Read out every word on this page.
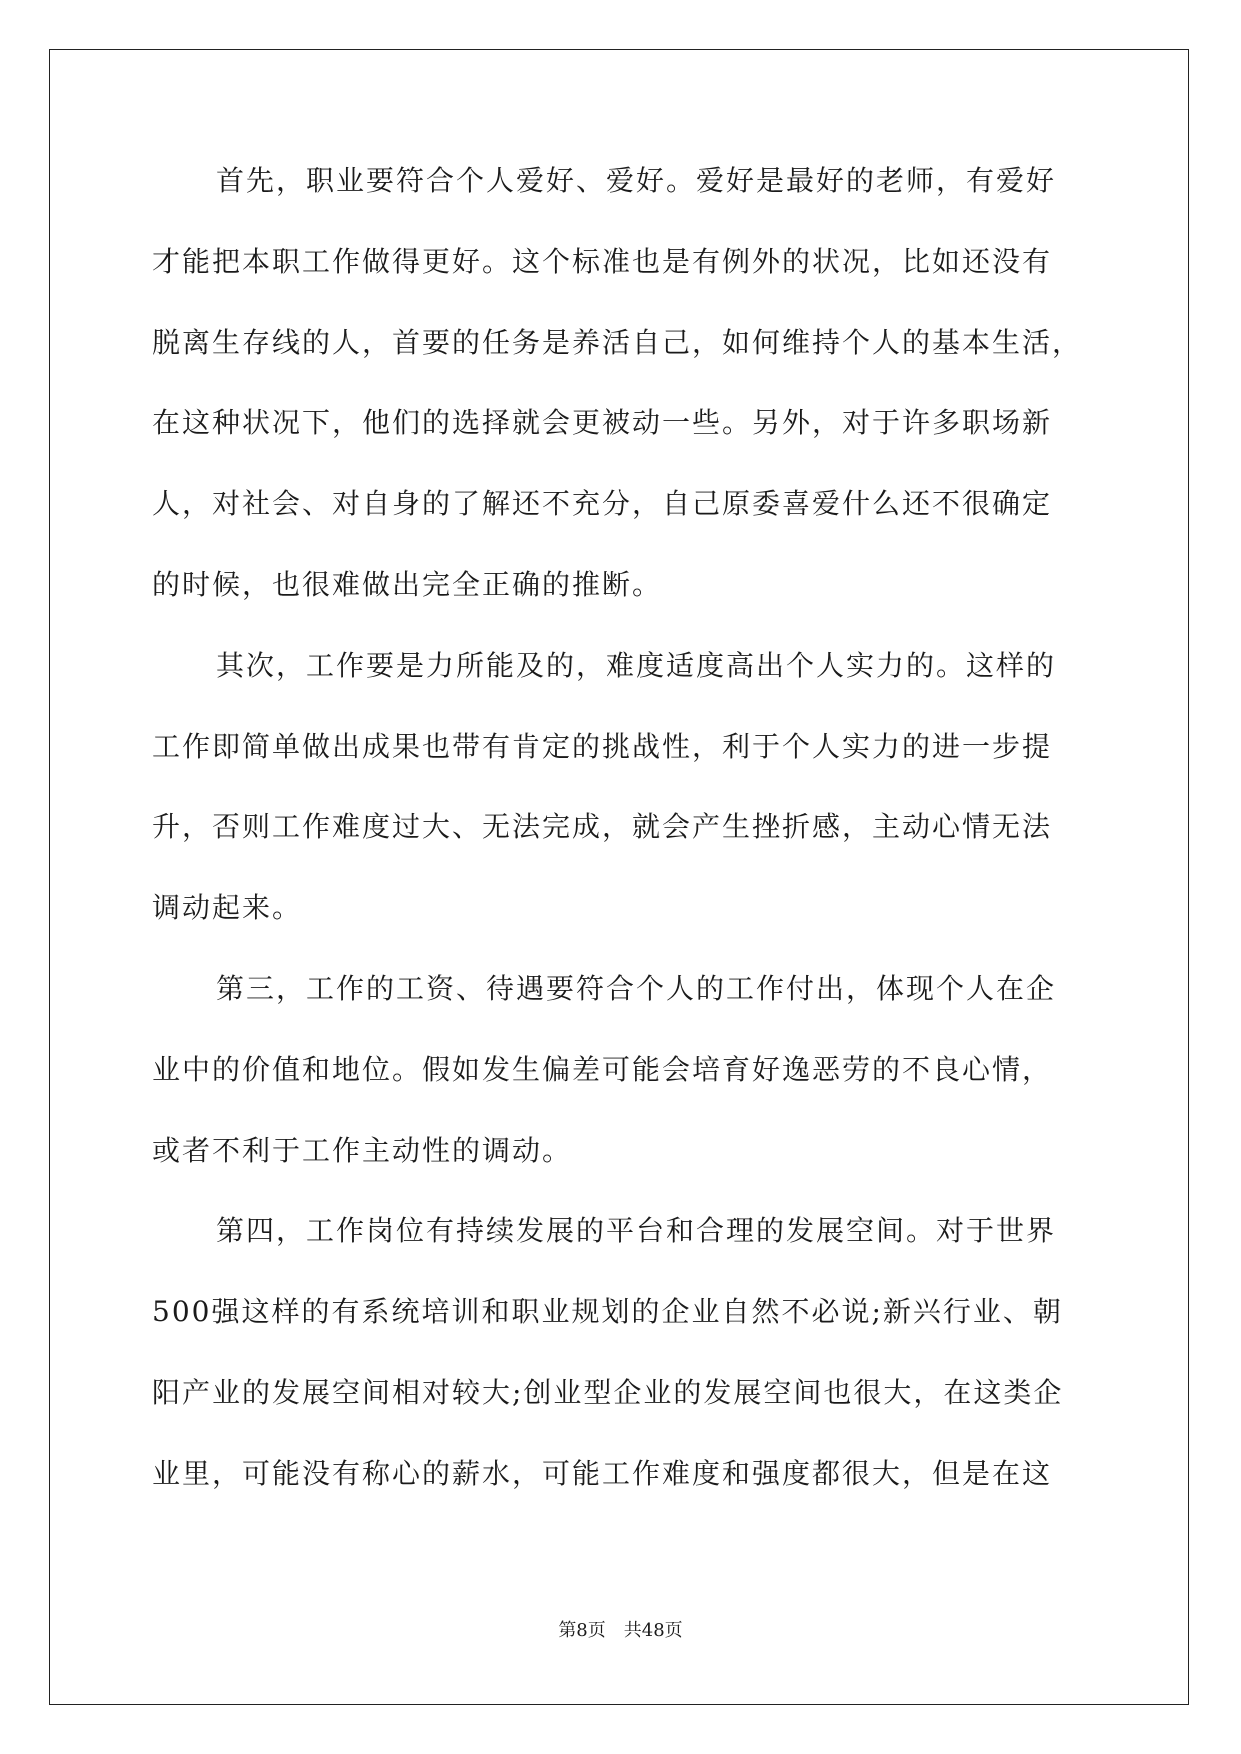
首先，职业要符合个人爱好、爱好。爱好是最好的老师，有爱好
才能把本职工作做得更好。这个标准也是有例外的状况，比如还没有
脱离生存线的人，首要的任务是养活自己，如何维持个人的基本生活，
在这种状况下，他们的选择就会更被动一些。另外，对于许多职场新
人，对社会、对自身的了解还不充分，自己原委喜爱什么还不很确定
的时候，也很难做出完全正确的推断。
其次，工作要是力所能及的，难度适度高出个人实力的。这样的
工作即简单做出成果也带有肯定的挑战性，利于个人实力的进一步提
升，否则工作难度过大、无法完成，就会产生挫折感，主动心情无法
调动起来。
第三，工作的工资、待遇要符合个人的工作付出，体现个人在企
业中的价值和地位。假如发生偏差可能会培育好逸恶劳的不良心情，
或者不利于工作主动性的调动。
第四，工作岗位有持续发展的平台和合理的发展空间。对于世界
500强这样的有系统培训和职业规划的企业自然不必说;新兴行业、朝
阳产业的发展空间相对较大;创业型企业的发展空间也很大，在这类企
业里，可能没有称心的薪水，可能工作难度和强度都很大，但是在这
第8页 共48页
